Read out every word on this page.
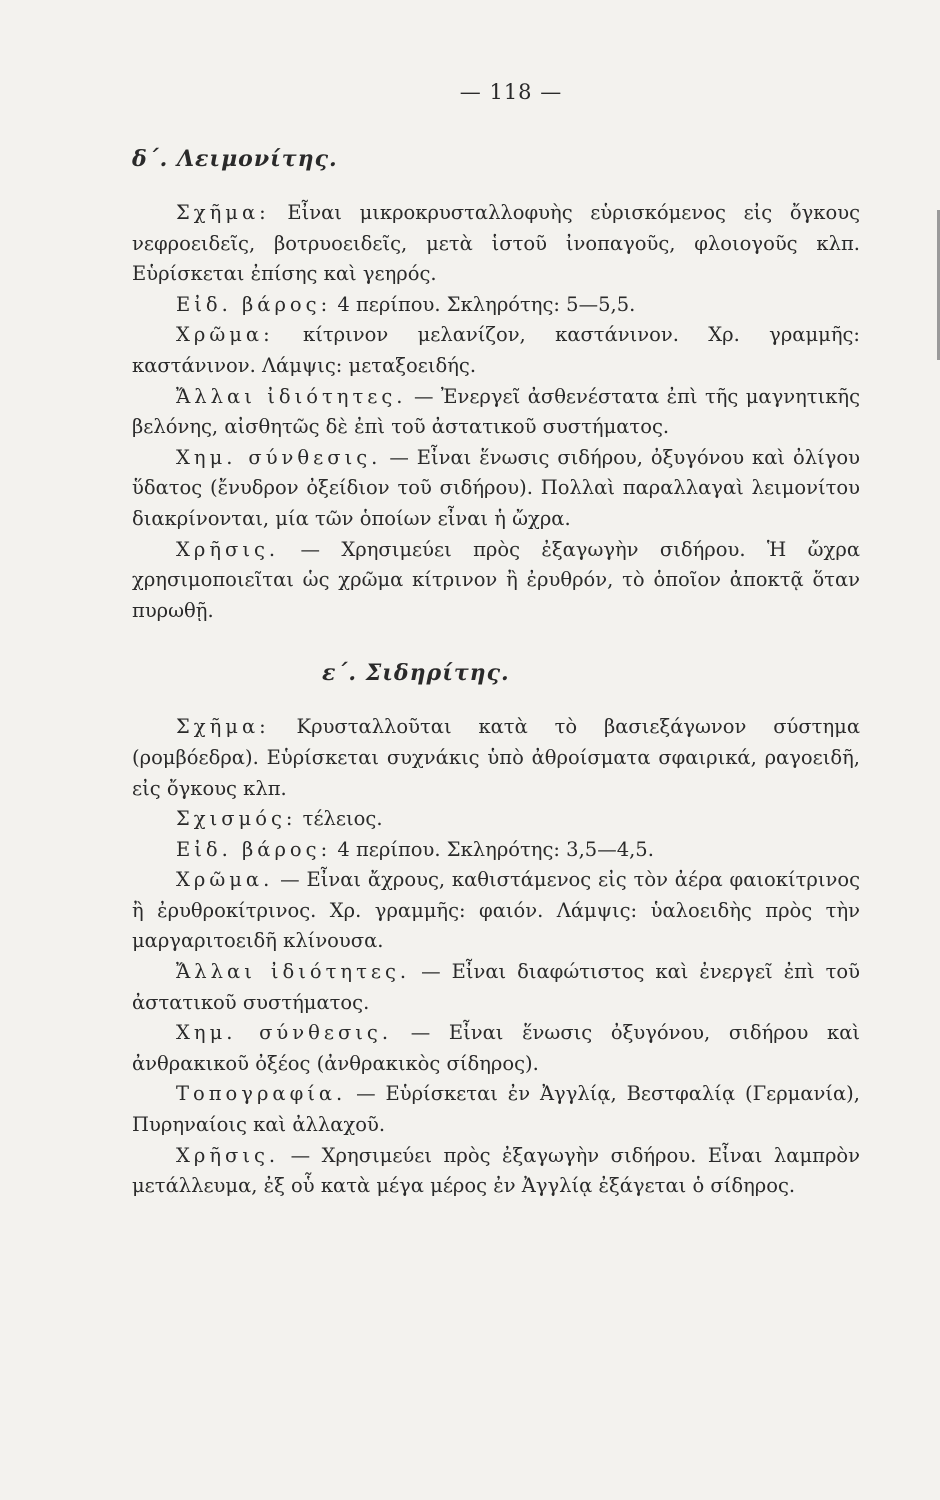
— 118 —
δ΄. Λειμονίτης.

Σχῆμα: Εἶναι μικροκρυσταλλοφυὴς εὑρισκόμενος εἰς ὄγκους νεφροειδεῖς, βοτρυοειδεῖς, μετὰ ἱστοῦ ἰνοπαγοῦς, φλοιογοῦς κλπ. Εὑρίσκεται ἐπίσης καὶ γεηρός.

Εἰδ. βάρος: 4 περίπου. Σκληρότης: 5—5,5.

Χρῶμα: κίτρινον μελανίζον, καστάνινον. Χρ. γραμμῆς: καστάνινον. Λάμψις: μεταξοειδής.

Ἄλλαι ἰδιότητες. — Ἐνεργεῖ ἀσθενέστατα ἐπὶ τῆς μαγνητικῆς βελόνης, αἰσθητῶς δὲ ἐπὶ τοῦ ἀστατικοῦ συστήματος.

Χημ. σύνθεσις. — Εἶναι ἕνωσις σιδήρου, ὀξυγόνου καὶ ὀλίγου ὕδατος (ἔνυδρον ὀξείδιον τοῦ σιδήρου). Πολλαὶ παραλλαγαὶ λειμονίτου διακρίνονται, μία τῶν ὁποίων εἶναι ἡ ὤχρα.

Χρῆσις. — Χρησιμεύει πρὸς ἐξαγωγὴν σιδήρου. Ἡ ὤχρα χρησιμοποιεῖται ὡς χρῶμα κίτρινον ἢ ἐρυθρόν, τὸ ὁποῖον ἀποκτᾷ ὅταν πυρωθῇ.

ε΄. Σιδηρίτης.

Σχῆμα: Κρυσταλλοῦται κατὰ τὸ βασιεξάγωνον σύστημα (ρομβόεδρα). Εὑρίσκεται συχνάκις ὑπὸ ἀθροίσματα σφαιρικά, ραγοειδῆ, εἰς ὄγκους κλπ.

Σχισμός: τέλειος.

Εἰδ. βάρος: 4 περίπου. Σκληρότης: 3,5—4,5.

Χρῶμα. — Εἶναι ἄχρους, καθιστάμενος εἰς τὸν ἀέρα φαιοκίτρινος ἢ ἐρυθροκίτρινος. Χρ. γραμμῆς: φαιόν. Λάμψις: ὑαλοειδὴς πρὸς τὴν μαργαριτοειδῆ κλίνουσα.

Ἄλλαι ἰδιότητες. — Εἶναι διαφώτιστος καὶ ἐνεργεῖ ἐπὶ τοῦ ἀστατικοῦ συστήματος.

Χημ. σύνθεσις. — Εἶναι ἕνωσις ὀξυγόνου, σιδήρου καὶ ἀνθρακικοῦ ὀξέος (ἀνθρακικὸς σίδηρος).

Τοπογραφία. — Εὑρίσκεται ἐν Ἀγγλίᾳ, Βεστφαλίᾳ (Γερμανία), Πυρηναίοις καὶ ἀλλαχοῦ.

Χρῆσις. — Χρησιμεύει πρὸς ἐξαγωγὴν σιδήρου. Εἶναι λαμπρὸν μετάλλευμα, ἐξ οὗ κατὰ μέγα μέρος ἐν Ἀγγλίᾳ ἐξάγεται ὁ σίδηρος.
